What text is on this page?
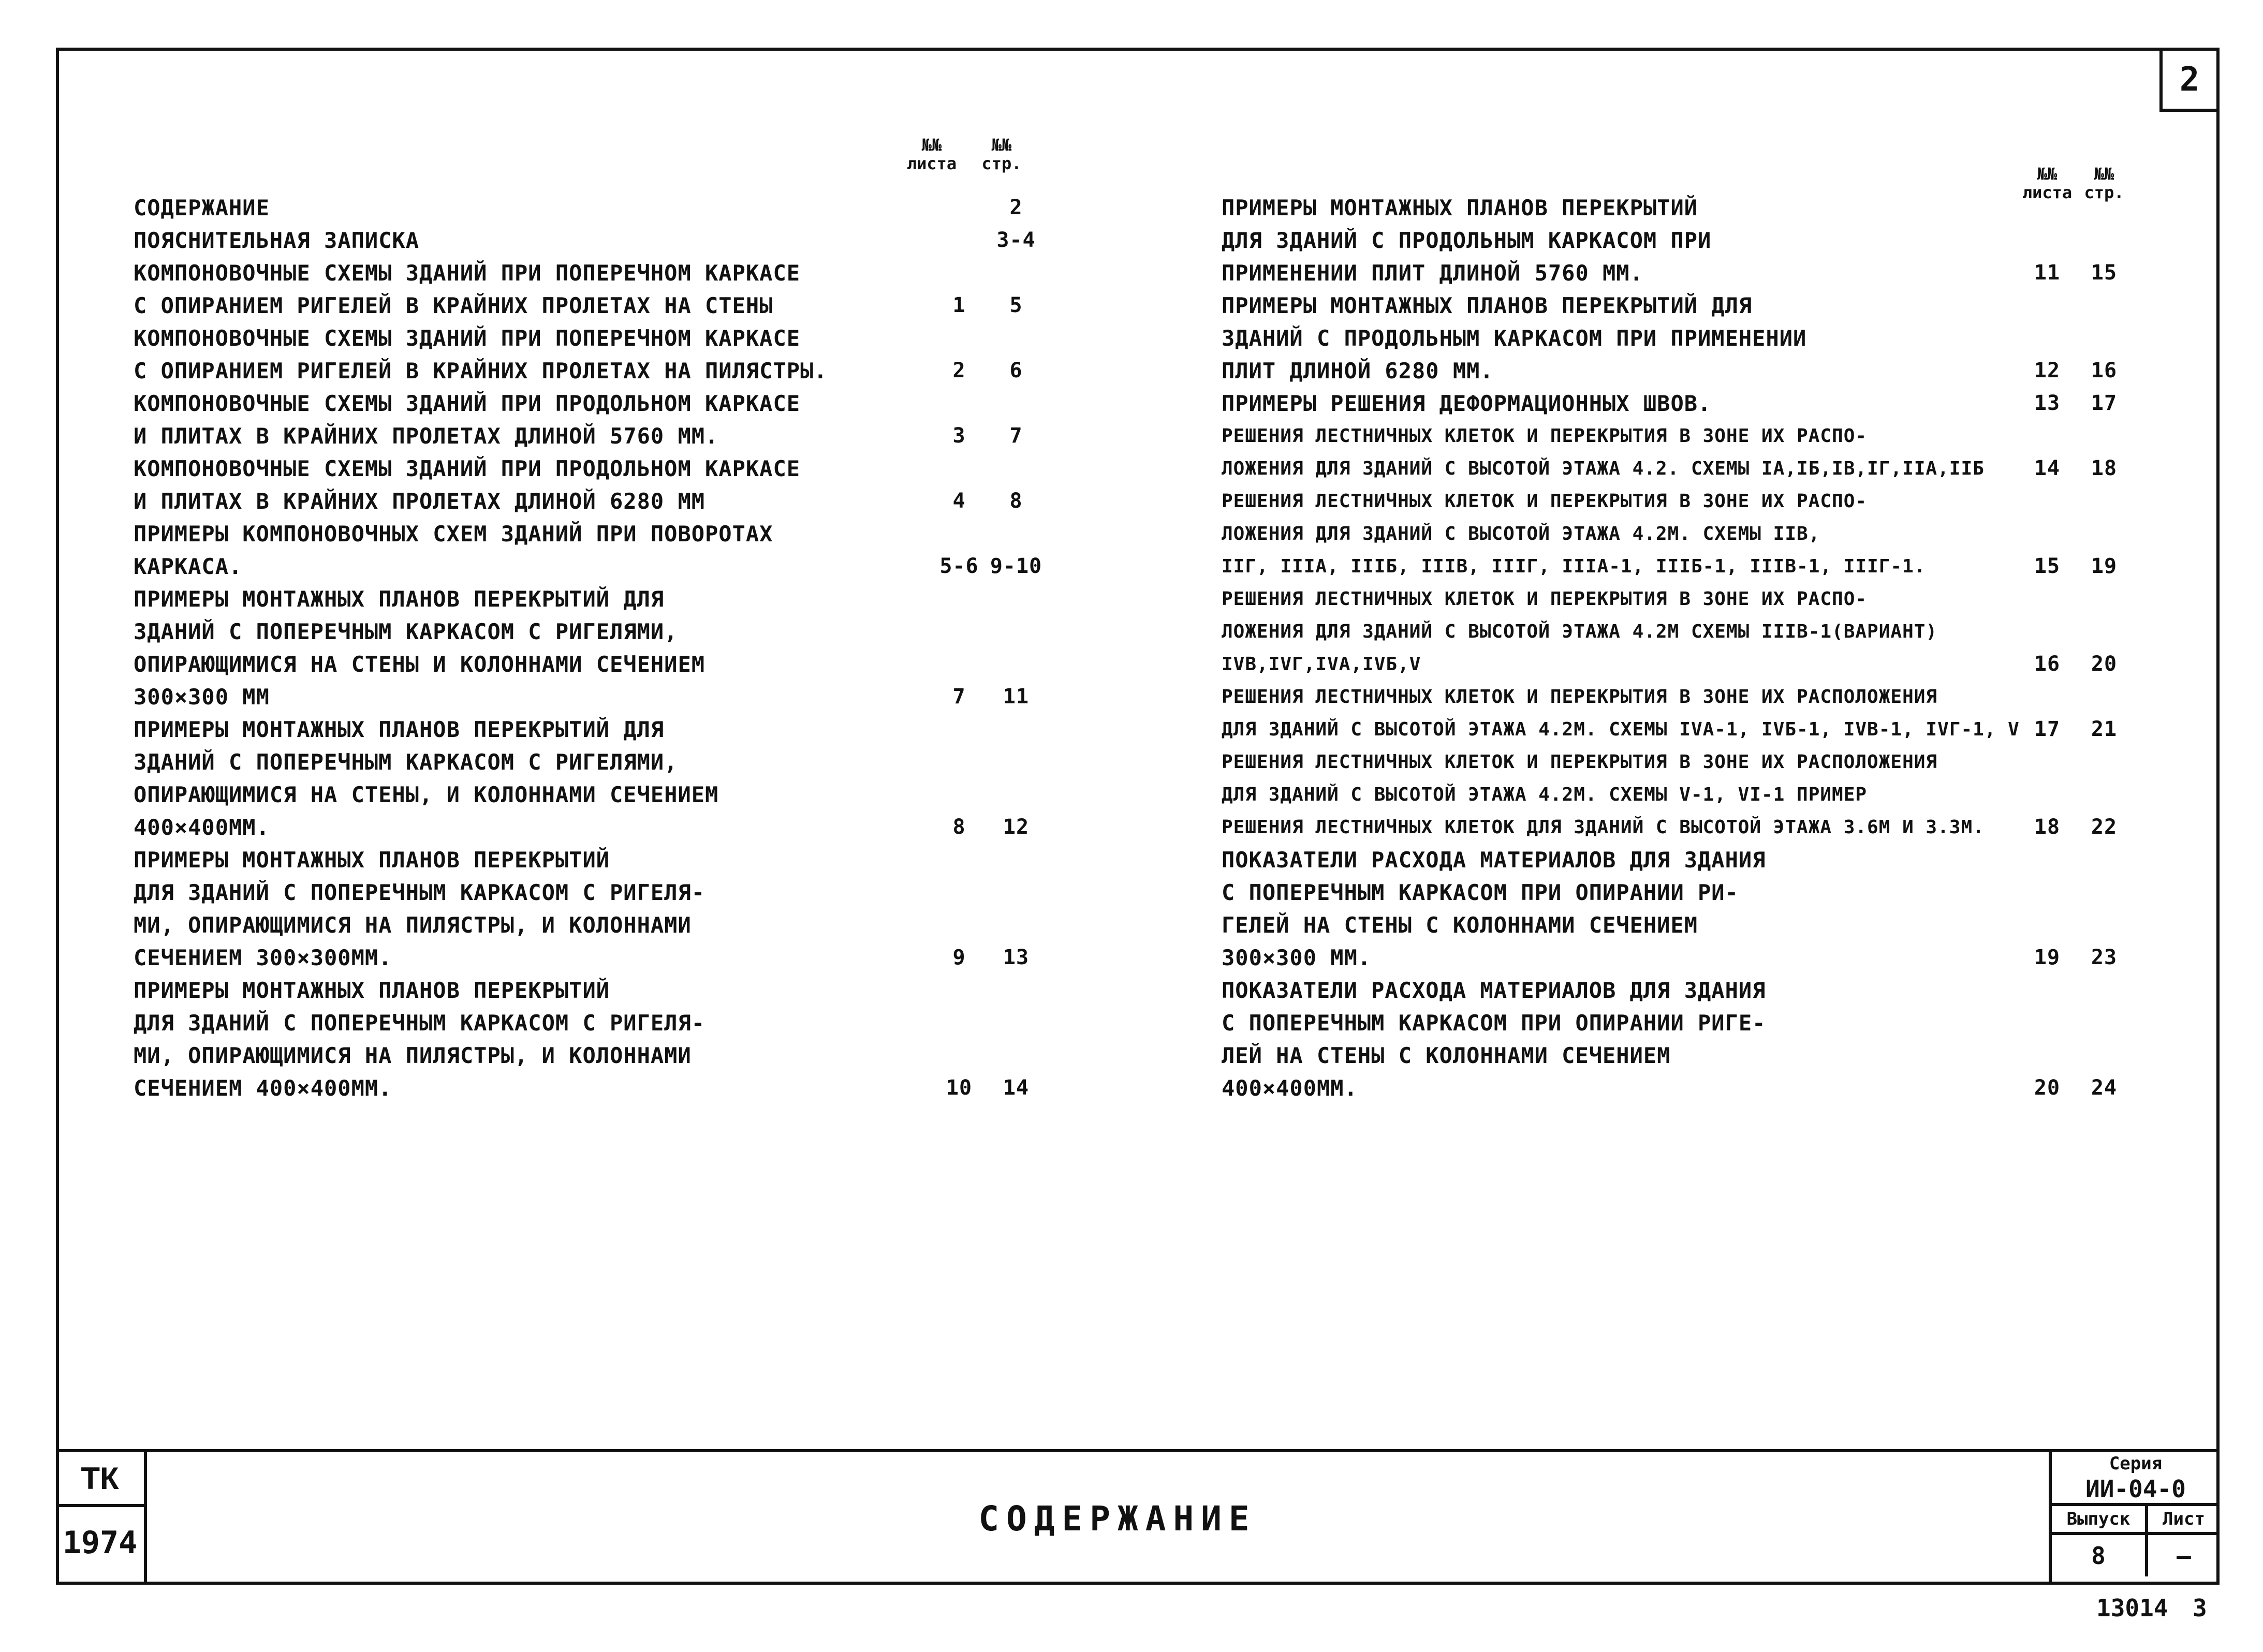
2
№№
листа
№№
стр.
№№
листа
№№
стр.
СОДЕРЖАНИЕ	2
ПОЯСНИТЕЛЬНАЯ ЗАПИСКА	3-4
КОМПОНОВОЧНЫЕ СХЕМЫ ЗДАНИЙ ПРИ ПОПЕРЕЧНОМ КАРКАСЕ
С ОПИРАНИЕМ РИГЕЛЕЙ В КРАЙНИХ ПРОЛЕТАХ НА СТЕНЫ	1	5
КОМПОНОВОЧНЫЕ СХЕМЫ ЗДАНИЙ ПРИ ПОПЕРЕЧНОМ КАРКАСЕ
С ОПИРАНИЕМ РИГЕЛЕЙ В КРАЙНИХ ПРОЛЕТАХ НА ПИЛЯСТРЫ.	2	6
КОМПОНОВОЧНЫЕ СХЕМЫ ЗДАНИЙ ПРИ ПРОДОЛЬНОМ КАРКАСЕ
И ПЛИТАХ В КРАЙНИХ ПРОЛЕТАХ ДЛИНОЙ 5760 ММ.	3	7
КОМПОНОВОЧНЫЕ СХЕМЫ ЗДАНИЙ ПРИ ПРОДОЛЬНОМ КАРКАСЕ
И ПЛИТАХ В КРАЙНИХ ПРОЛЕТАХ ДЛИНОЙ 6280 ММ	4	8
ПРИМЕРЫ КОМПОНОВОЧНЫХ СХЕМ ЗДАНИЙ ПРИ ПОВОРОТАХ
КАРКАСА.	5-6 9-10
ПРИМЕРЫ МОНТАЖНЫХ ПЛАНОВ ПЕРЕКРЫТИЙ ДЛЯ
ЗДАНИЙ С ПОПЕРЕЧНЫМ КАРКАСОМ С РИГЕЛЯМИ,
ОПИРАЮЩИМИСЯ НА СТЕНЫ И КОЛОННАМИ СЕЧЕНИЕМ
300×300 ММ	7	11
ПРИМЕРЫ МОНТАЖНЫХ ПЛАНОВ ПЕРЕКРЫТИЙ ДЛЯ
ЗДАНИЙ С ПОПЕРЕЧНЫМ КАРКАСОМ С РИГЕЛЯМИ,
ОПИРАЮЩИМИСЯ НА СТЕНЫ, И КОЛОННАМИ СЕЧЕНИЕМ
400×400ММ.	8	12
ПРИМЕРЫ МОНТАЖНЫХ ПЛАНОВ ПЕРЕКРЫТИЙ
ДЛЯ ЗДАНИЙ С ПОПЕРЕЧНЫМ КАРКАСОМ С РИГЕЛЯ-
МИ, ОПИРАЮЩИМИСЯ НА ПИЛЯСТРЫ, И КОЛОННАМИ
СЕЧЕНИЕМ 300×300ММ.	9	13
ПРИМЕРЫ МОНТАЖНЫХ ПЛАНОВ ПЕРЕКРЫТИЙ
ДЛЯ ЗДАНИЙ С ПОПЕРЕЧНЫМ КАРКАСОМ С РИГЕЛЯ-
МИ, ОПИРАЮЩИМИСЯ НА ПИЛЯСТРЫ, И КОЛОННАМИ
СЕЧЕНИЕМ 400×400ММ.	10	14
ПРИМЕРЫ МОНТАЖНЫХ ПЛАНОВ ПЕРЕКРЫТИЙ
ДЛЯ ЗДАНИЙ С ПРОДОЛЬНЫМ КАРКАСОМ ПРИ
ПРИМЕНЕНИИ ПЛИТ ДЛИНОЙ 5760 ММ.	11	15
ПРИМЕРЫ МОНТАЖНЫХ ПЛАНОВ ПЕРЕКРЫТИЙ ДЛЯ
ЗДАНИЙ С ПРОДОЛЬНЫМ КАРКАСОМ ПРИ ПРИМЕНЕНИИ
ПЛИТ ДЛИНОЙ 6280 ММ.	12	16
ПРИМЕРЫ РЕШЕНИЯ ДЕФОРМАЦИОННЫХ ШВОВ.	13	17
РЕШЕНИЯ ЛЕСТНИЧНЫХ КЛЕТОК И ПЕРЕКРЫТИЯ В ЗОНЕ ИХ РАСПО-
ЛОЖЕНИЯ ДЛЯ ЗДАНИЙ С ВЫСОТОЙ ЭТАЖА 4.2. СХЕМЫ IА,IБ,IВ,IГ,IIА,IIБ	14	18
РЕШЕНИЯ ЛЕСТНИЧНЫХ КЛЕТОК И ПЕРЕКРЫТИЯ В ЗОНЕ ИХ РАСПО-
ЛОЖЕНИЯ ДЛЯ ЗДАНИЙ С ВЫСОТОЙ ЭТАЖА 4.2М. СХЕМЫ IIВ,
IIГ, IIIА, IIIБ, IIIВ, IIIГ, IIIА-1, IIIБ-1, IIIВ-1, IIIГ-1.	15	19
РЕШЕНИЯ ЛЕСТНИЧНЫХ КЛЕТОК И ПЕРЕКРЫТИЯ В ЗОНЕ ИХ РАСПО-
ЛОЖЕНИЯ ДЛЯ ЗДАНИЙ С ВЫСОТОЙ ЭТАЖА 4.2М СХЕМЫ IIIВ-1(ВАРИАНТ) IVВ,IVГ,IVА,IVБ,V	16	20
РЕШЕНИЯ ЛЕСТНИЧНЫХ КЛЕТОК И ПЕРЕКРЫТИЯ В ЗОНЕ ИХ РАСПОЛОЖЕНИЯ
ДЛЯ ЗДАНИЙ С ВЫСОТОЙ ЭТАЖА 4.2М. СХЕМЫ IVА-1, IVБ-1, IVВ-1, IVГ-1, V 17	21
РЕШЕНИЯ ЛЕСТНИЧНЫХ КЛЕТОК И ПЕРЕКРЫТИЯ В ЗОНЕ ИХ РАСПОЛОЖЕНИЯ
ДЛЯ ЗДАНИЙ С ВЫСОТОЙ ЭТАЖА 4.2М. СХЕМЫ V-1, VI-1 ПРИМЕР
РЕШЕНИЯ ЛЕСТНИЧНЫХ КЛЕТОК ДЛЯ ЗДАНИЙ С ВЫСОТОЙ ЭТАЖА 3.6М И 3.3М.	18	22
ПОКАЗАТЕЛИ РАСХОДА МАТЕРИАЛОВ ДЛЯ ЗДАНИЯ
С ПОПЕРЕЧНЫМ КАРКАСОМ ПРИ ОПИРАНИИ РИ-
ГЕЛЕЙ НА СТЕНЫ С КОЛОННАМИ СЕЧЕНИЕМ
300×300 ММ.	19	23
ПОКАЗАТЕЛИ РАСХОДА МАТЕРИАЛОВ ДЛЯ ЗДАНИЯ
С ПОПЕРЕЧНЫМ КАРКАСОМ ПРИ ОПИРАНИИ РИГЕ-
ЛЕЙ НА СТЕНЫ С КОЛОННАМИ СЕЧЕНИЕМ
400×400ММ.	20	24
ТК
1974
СОДЕРЖАНИЕ
Серия
ИИ-04-0
Выпуск
8
Лист
—
13014 3
